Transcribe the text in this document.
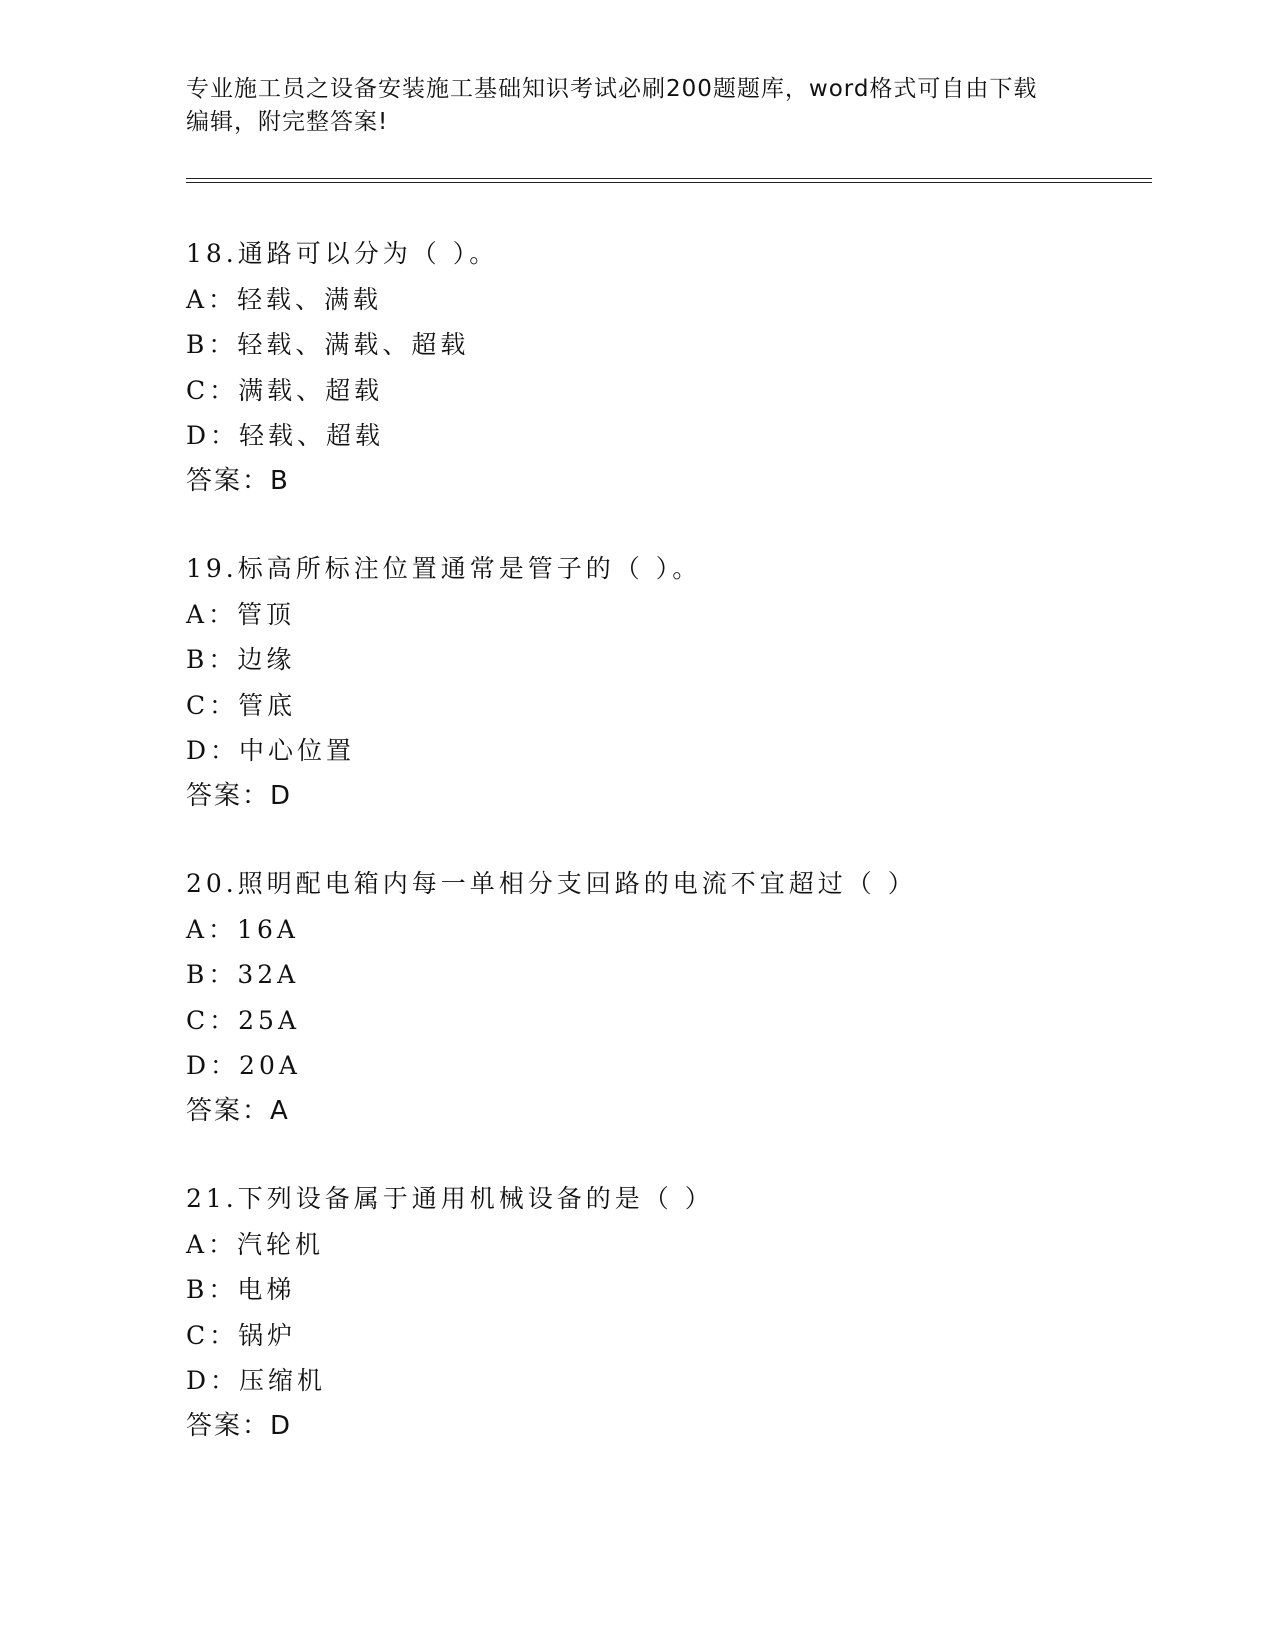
专业施工员之设备安装施工基础知识考试必刷200题题库，word格式可自由下载
编辑，附完整答案!
18.通路可以分为（ ）。
A：轻载、满载
B：轻载、满载、超载
C：满载、超载
D：轻载、超载
答案：B
19.标高所标注位置通常是管子的（ ）。
A：管顶
B：边缘
C：管底
D：中心位置
答案：D
20.照明配电箱内每一单相分支回路的电流不宜超过（ ）
A：16A
B：32A
C：25A
D：20A
答案：A
21.下列设备属于通用机械设备的是（ ）
A：汽轮机
B：电梯
C：锅炉
D：压缩机
答案：D
